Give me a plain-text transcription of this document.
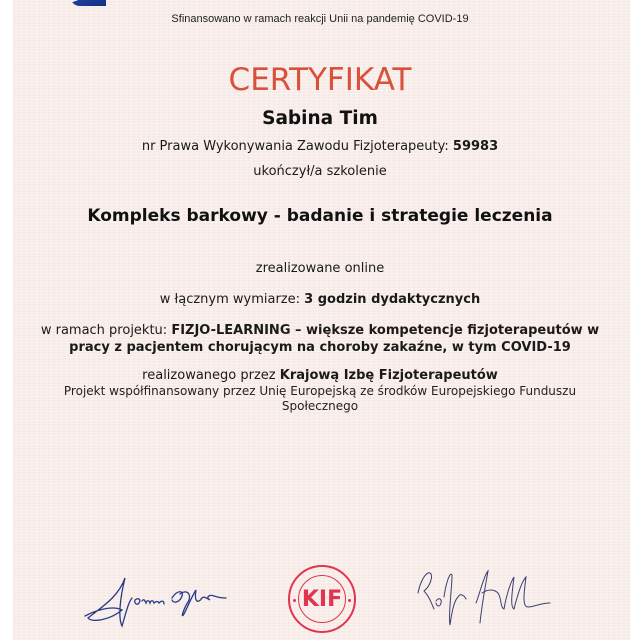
Sfinansowano w ramach reakcji Unii na pandemię COVID-19
CERTYFIKAT
Sabina Tim
nr Prawa Wykonywania Zawodu Fizjoterapeuty: 59983
ukończył/a szkolenie
Kompleks barkowy - badanie i strategie leczenia
zrealizowane online
w łącznym wymiarze: 3 godzin dydaktycznych
w ramach projektu: FIZJO-LEARNING – większe kompetencje fizjoterapeutów w
pracy z pacjentem chorującym na choroby zakaźne, w tym COVID-19
realizowanego przez Krajową Izbę Fizjoterapeutów
Projekt współfinansowany przez Unię Europejską ze środków Europejskiego Funduszu
Społecznego
KIF
